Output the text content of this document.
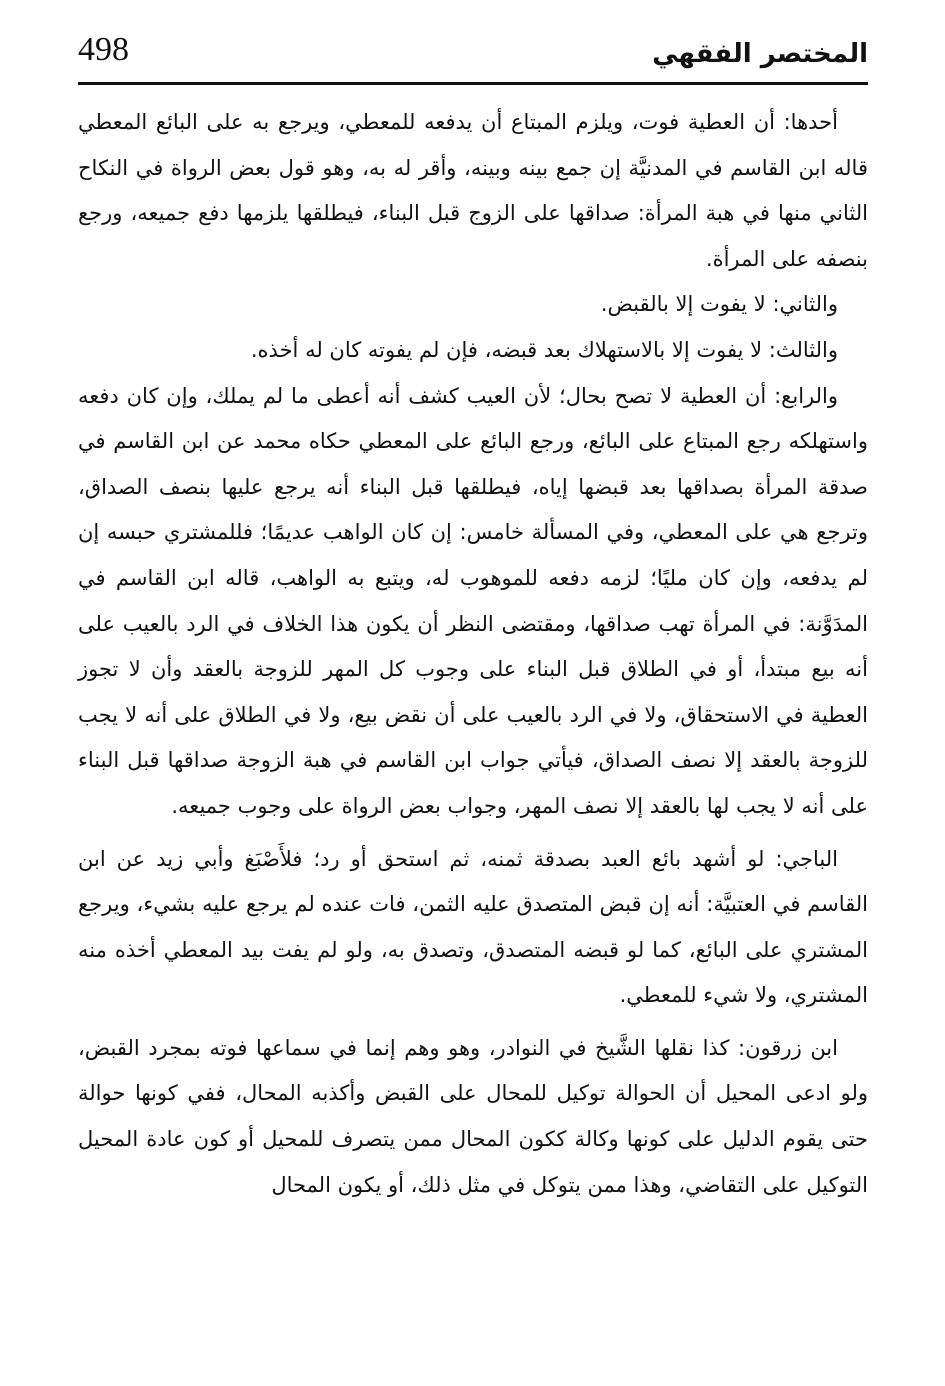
498	المختصر الفقهي

أحدها: أن العطية فوت، ويلزم المبتاع أن يدفعه للمعطي، ويرجع به على البائع المعطي قاله ابن القاسم في المدنيَّة إن جمع بينه وبينه، وأقر له به، وهو قول بعض الرواة في النكاح الثاني منها في هبة المرأة: صداقها على الزوج قبل البناء، فيطلقها يلزمها دفع جميعه، ورجع بنصفه على المرأة.

والثاني: لا يفوت إلا بالقبض.

والثالث: لا يفوت إلا بالاستهلاك بعد قبضه، فإن لم يفوته كان له أخذه.

والرابع: أن العطية لا تصح بحال؛ لأن العيب كشف أنه أعطى ما لم يملك، وإن كان دفعه واستهلكه رجع المبتاع على البائع، ورجع البائع على المعطي حكاه محمد عن ابن القاسم في صدقة المرأة بصداقها بعد قبضها إياه، فيطلقها قبل البناء أنه يرجع عليها بنصف الصداق، وترجع هي على المعطي، وفي المسألة خامس: إن كان الواهب عديمًا؛ فللمشتري حبسه إن لم يدفعه، وإن كان مليًا؛ لزمه دفعه للموهوب له، ويتبع به الواهب، قاله ابن القاسم في المدَوَّنة: في المرأة تهب صداقها، ومقتضى النظر أن يكون هذا الخلاف في الرد بالعيب على أنه بيع مبتدأ، أو في الطلاق قبل البناء على وجوب كل المهر للزوجة بالعقد وأن لا تجوز العطية في الاستحقاق، ولا في الرد بالعيب على أن نقض بيع، ولا في الطلاق على أنه لا يجب للزوجة بالعقد إلا نصف الصداق، فيأتي جواب ابن القاسم في هبة الزوجة صداقها قبل البناء على أنه لا يجب لها بالعقد إلا نصف المهر، وجواب بعض الرواة على وجوب جميعه.

الباجي: لو أشهد بائع العبد بصدقة ثمنه، ثم استحق أو رد؛ فلأَصْبَغ وأبي زيد عن ابن القاسم في العتبيَّة: أنه إن قبض المتصدق عليه الثمن، فات عنده لم يرجع عليه بشيء، ويرجع المشتري على البائع، كما لو قبضه المتصدق، وتصدق به، ولو لم يفت بيد المعطي أخذه منه المشتري، ولا شيء للمعطي.

ابن زرقون: كذا نقلها الشَّيخ في النوادر، وهو وهم إنما في سماعها فوته بمجرد القبض، ولو ادعى المحيل أن الحوالة توكيل للمحال على القبض وأكذبه المحال، ففي كونها حوالة حتى يقوم الدليل على كونها وكالة ككون المحال ممن يتصرف للمحيل أو كون عادة المحيل التوكيل على التقاضي، وهذا ممن يتوكل في مثل ذلك، أو يكون المحال
